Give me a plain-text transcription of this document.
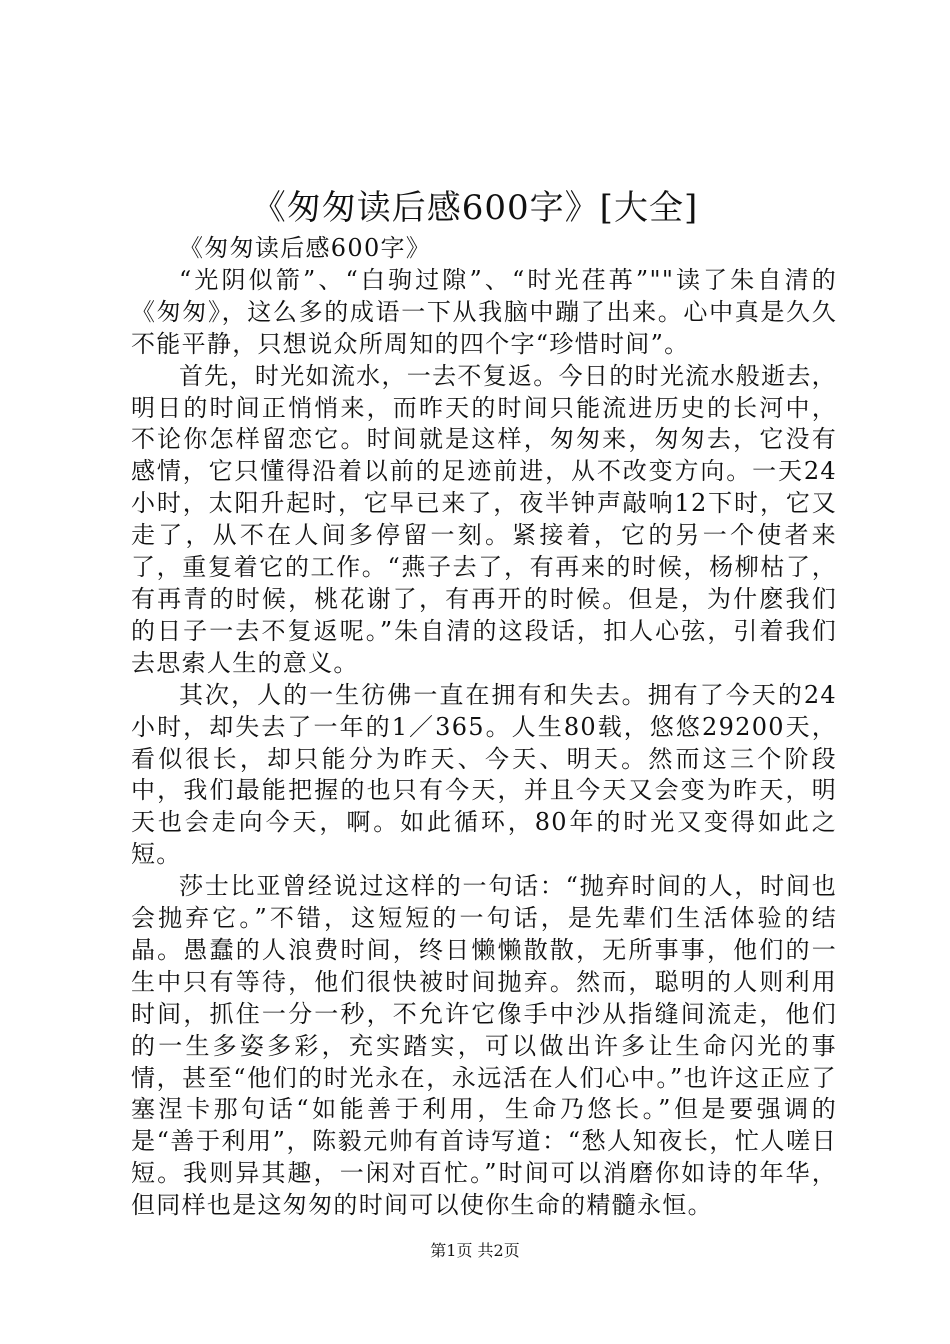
《匆匆读后感600字》[大全]

《匆匆读后感600字》

“光阴似箭”、“白驹过隙”、“时光荏苒”""读了朱自清的《匆匆》，这么多的成语一下从我脑中蹦了出来。心中真是久久不能平静，只想说众所周知的四个字“珍惜时间”。

首先，时光如流水，一去不复返。今日的时光流水般逝去，明日的时间正悄悄来，而昨天的时间只能流进历史的长河中，不论你怎样留恋它。时间就是这样，匆匆来，匆匆去，它没有感情，它只懂得沿着以前的足迹前进，从不改变方向。一天24小时，太阳升起时，它早已来了，夜半钟声敲响12下时，它又走了，从不在人间多停留一刻。紧接着，它的另一个使者来了，重复着它的工作。“燕子去了，有再来的时候，杨柳枯了，有再青的时候，桃花谢了，有再开的时候。但是，为什麽我们的日子一去不复返呢。”朱自清的这段话，扣人心弦，引着我们去思索人生的意义。

其次，人的一生彷佛一直在拥有和失去。拥有了今天的24小时，却失去了一年的1／365。人生80载，悠悠29200天，看似很长，却只能分为昨天、今天、明天。然而这三个阶段中，我们最能把握的也只有今天，并且今天又会变为昨天，明天也会走向今天，啊。如此循环，80年的时光又变得如此之短。

莎士比亚曾经说过这样的一句话：“抛弃时间的人，时间也会抛弃它。”不错，这短短的一句话，是先辈们生活体验的结晶。愚蠢的人浪费时间，终日懒懒散散，无所事事，他们的一生中只有等待，他们很快被时间抛弃。然而，聪明的人则利用时间，抓住一分一秒，不允许它像手中沙从指缝间流走，他们的一生多姿多彩，充实踏实，可以做出许多让生命闪光的事情，甚至“他们的时光永在，永远活在人们心中。”也许这正应了塞涅卡那句话“如能善于利用，生命乃悠长。”但是要强调的是“善于利用”，陈毅元帅有首诗写道：“愁人知夜长，忙人嗟日短。我则异其趣，一闲对百忙。”时间可以消磨你如诗的年华，但同样也是这匆匆的时间可以使你生命的精髓永恒。

第1页 共2页
